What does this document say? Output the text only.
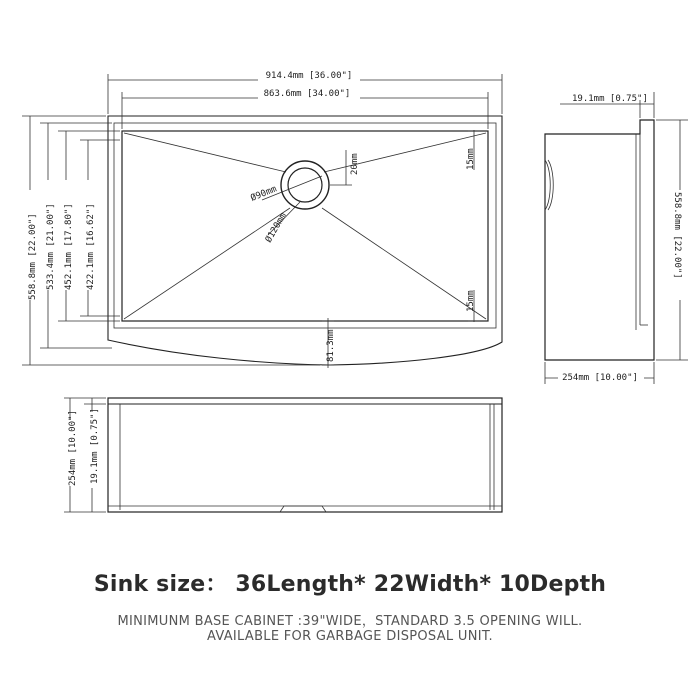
Ø90mm
Ø120mm
20mm	15mm
15mm
81.3mm
914.4mm [36.00"]
863.6mm [34.00"]
558.8mm [22.00"] 533.4mm [21.00"] 452.1mm [17.80"] 422.1mm [16.62"]
19.1mm [0.75"]
558.8mm [22.00"]
254mm [10.00"]
254mm [10.00"] 19.1mm [0.75"]
Sink size： 36Length* 22Width* 10Depth
MINIMUNM BASE CABINET :39"WIDE，STANDARD 3.5 OPENING WILL.
AVAILABLE FOR GARBAGE DISPOSAL UNIT.
